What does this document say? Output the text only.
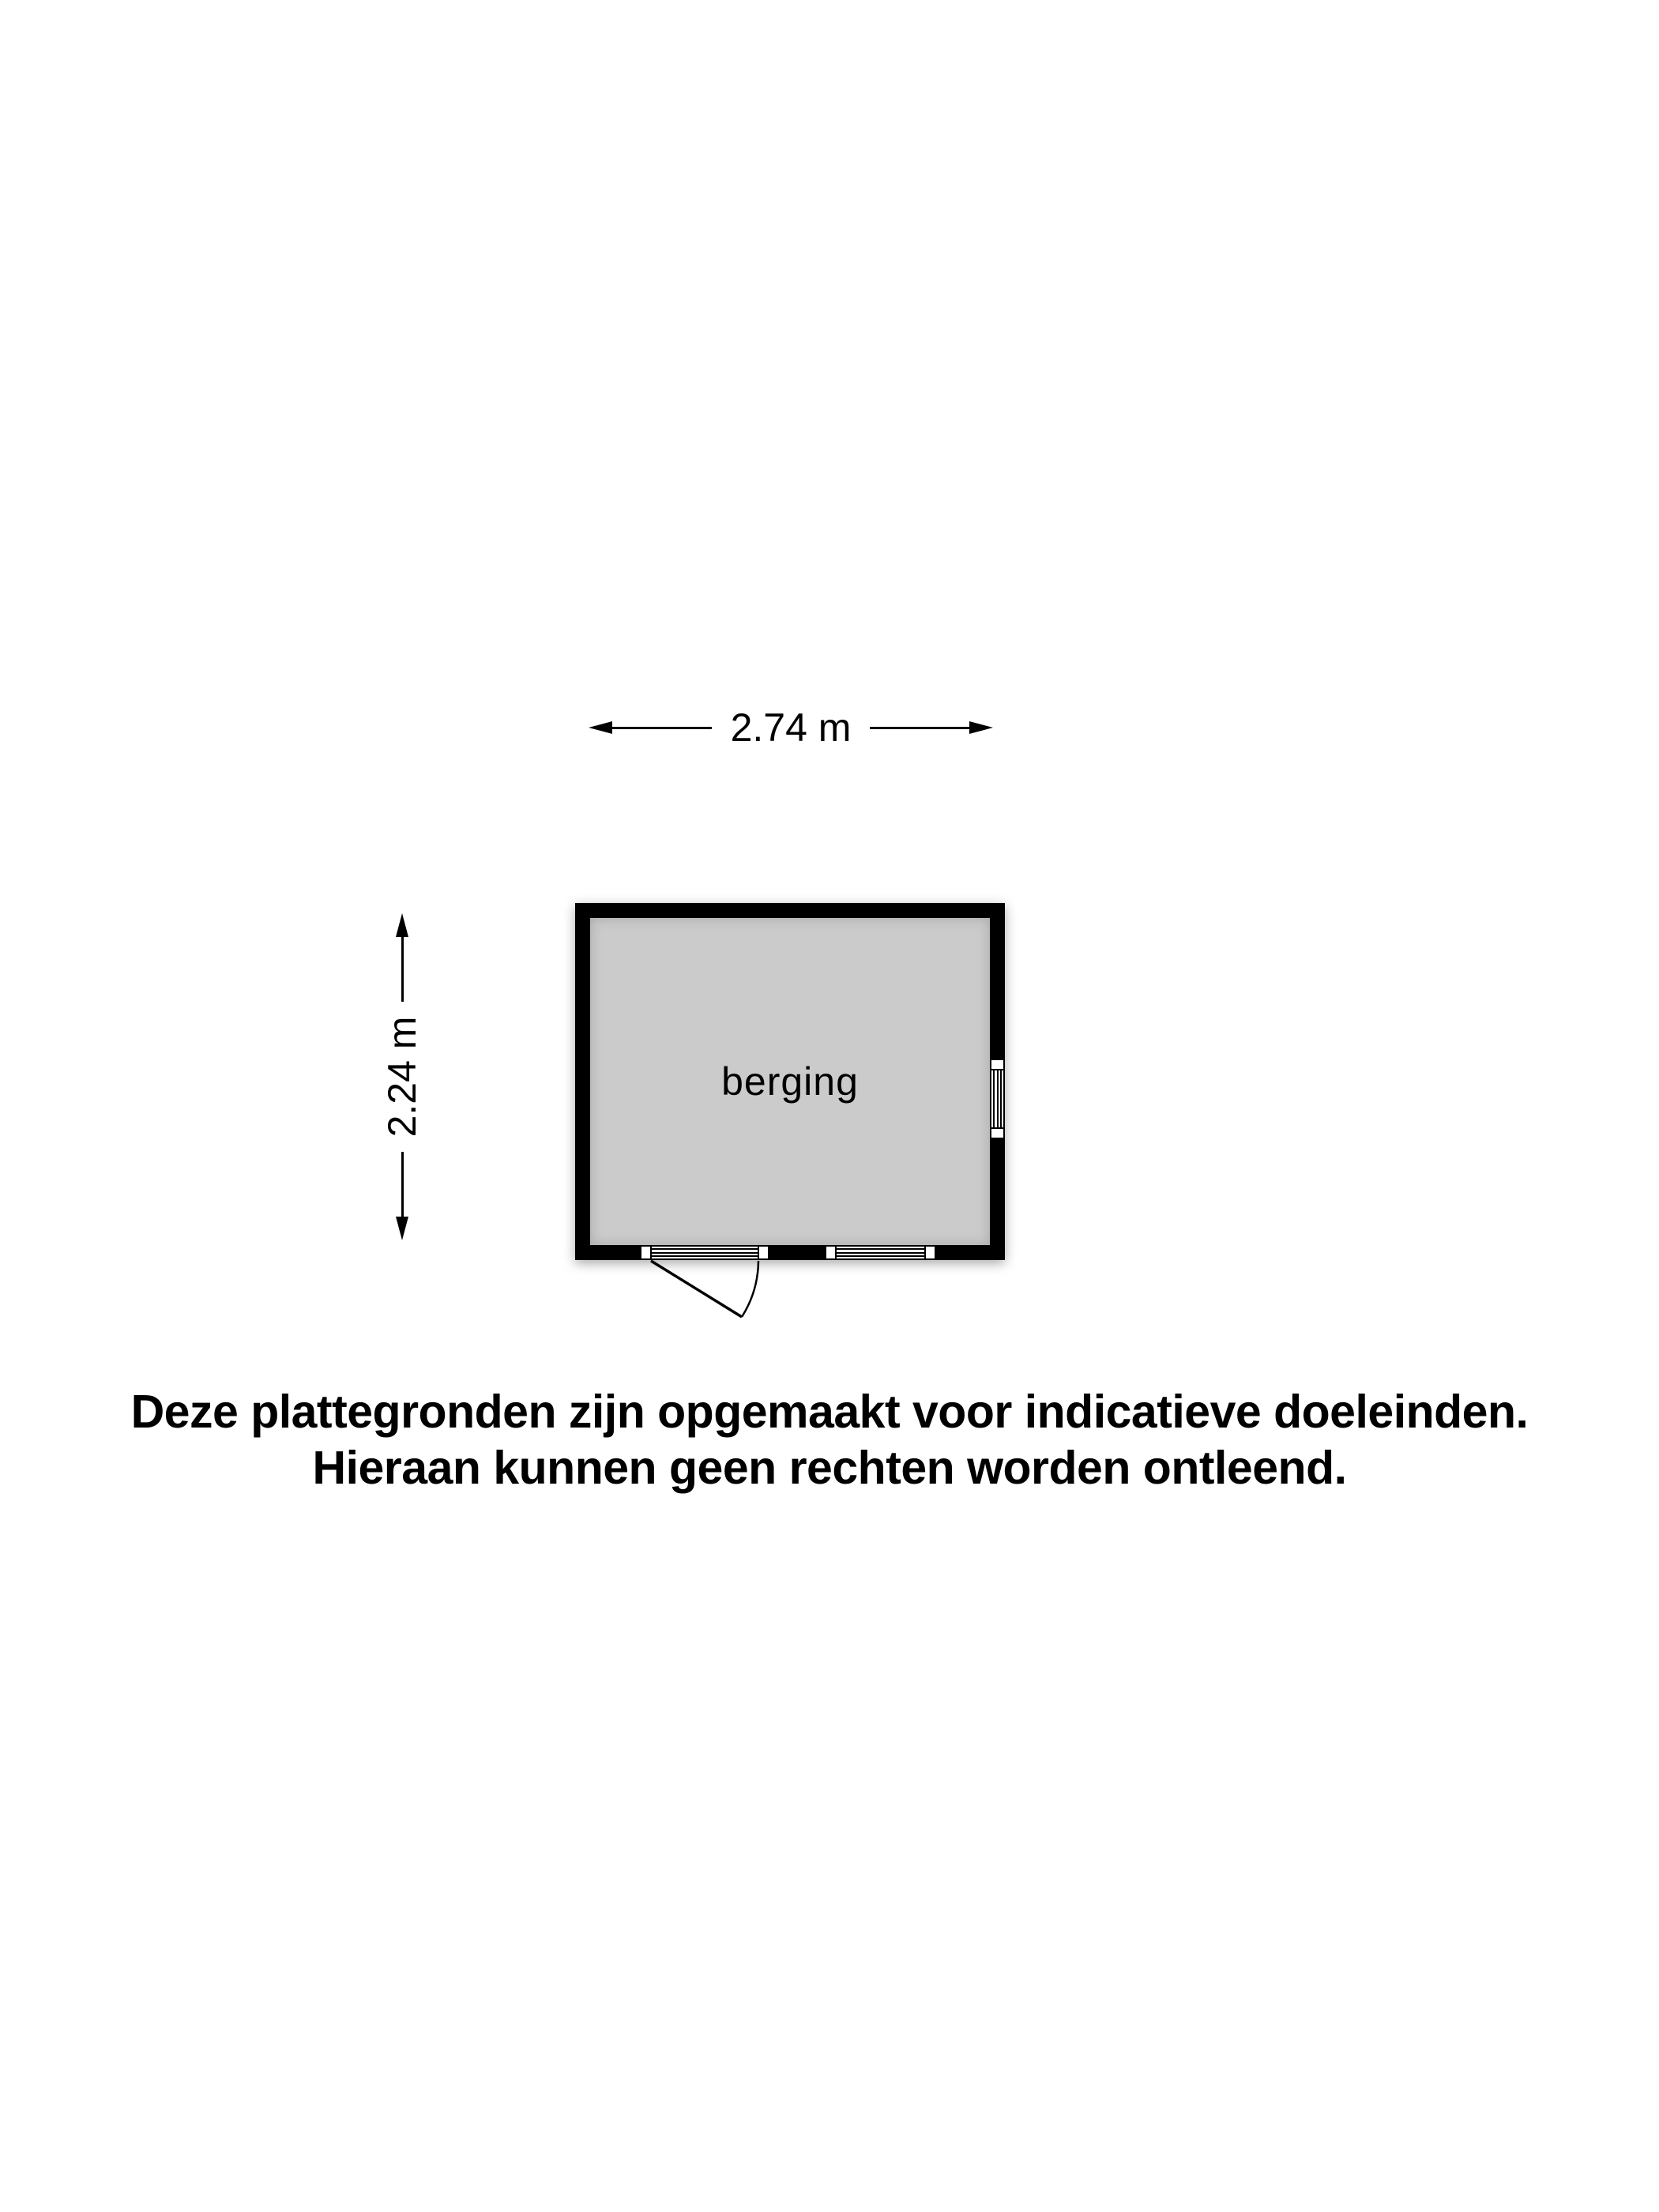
2.74 m
2.24 m	berging
Deze plattegronden zijn opgemaakt voor indicatieve doeleinden.
Hieraan kunnen geen rechten worden ontleend.
